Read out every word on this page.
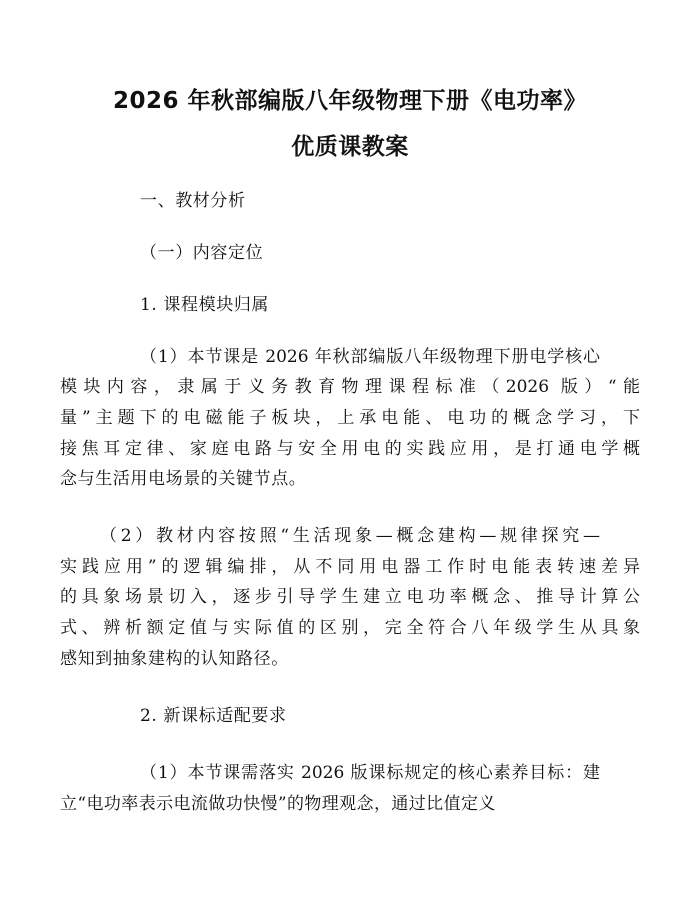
2026 年秋部编版八年级物理下册《电功率》
优质课教案
一、教材分析
（一）内容定位
1. 课程模块归属
（1）本节课是 2026 年秋部编版八年级物理下册电学核心
模块内容，隶属于义务教育物理课程标准（2026 版）“能
量”主题下的电磁能子板块，上承电能、电功的概念学习，下
接焦耳定律、家庭电路与安全用电的实践应用，是打通电学概
念与生活用电场景的关键节点。
（2）教材内容按照“生活现象—概念建构—规律探究—
实践应用”的逻辑编排，从不同用电器工作时电能表转速差异
的具象场景切入，逐步引导学生建立电功率概念、推导计算公
式、辨析额定值与实际值的区别，完全符合八年级学生从具象
感知到抽象建构的认知路径。
2. 新课标适配要求
（1）本节课需落实 2026 版课标规定的核心素养目标：建
立“电功率表示电流做功快慢”的物理观念，通过比值定义
